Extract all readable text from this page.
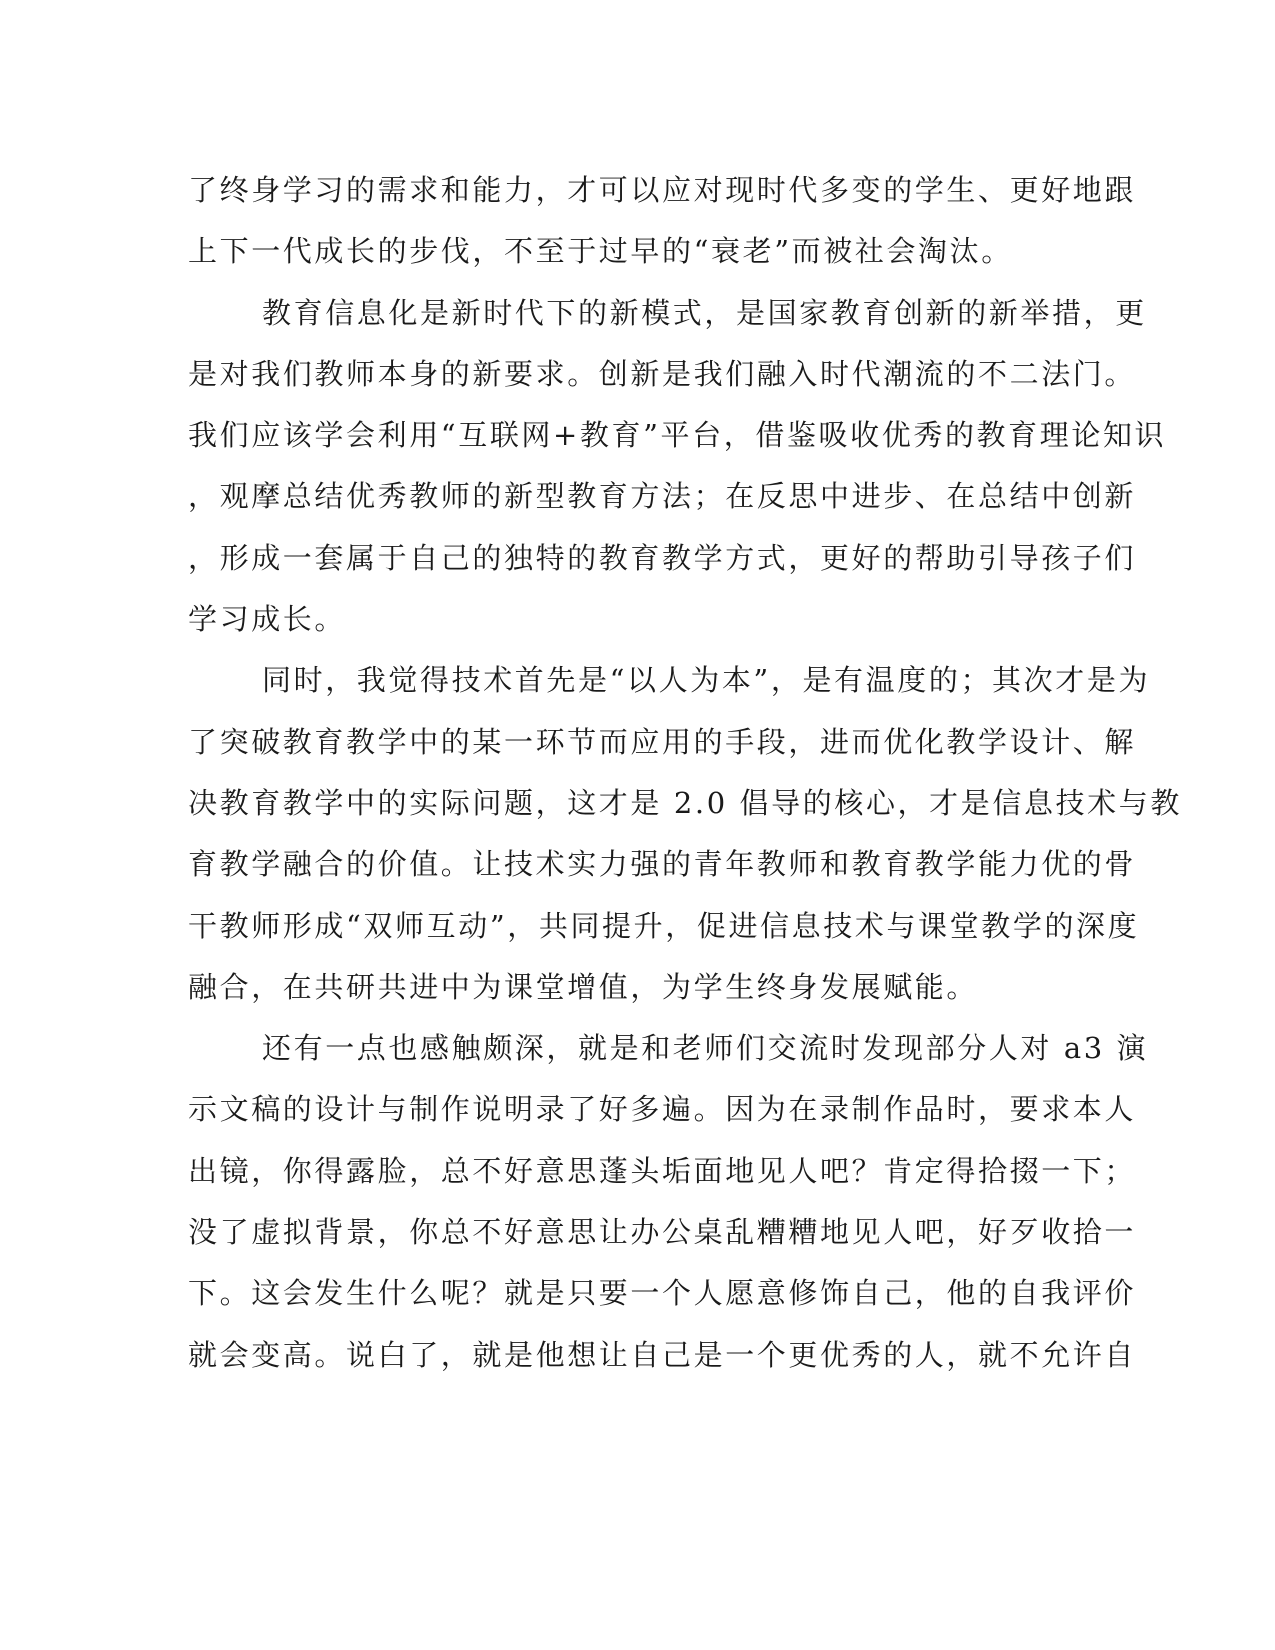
了终身学习的需求和能力，才可以应对现时代多变的学生、更好地跟
上下一代成长的步伐，不至于过早的“衰老”而被社会淘汰。
教育信息化是新时代下的新模式，是国家教育创新的新举措，更
是对我们教师本身的新要求。创新是我们融入时代潮流的不二法门。
我们应该学会利用“互联网+教育”平台，借鉴吸收优秀的教育理论知识
，观摩总结优秀教师的新型教育方法；在反思中进步、在总结中创新
，形成一套属于自己的独特的教育教学方式，更好的帮助引导孩子们
学习成长。
同时，我觉得技术首先是“以人为本”，是有温度的；其次才是为
了突破教育教学中的某一环节而应用的手段，进而优化教学设计、解
决教育教学中的实际问题，这才是 2.0 倡导的核心，才是信息技术与教
育教学融合的价值。让技术实力强的青年教师和教育教学能力优的骨
干教师形成“双师互动”，共同提升，促进信息技术与课堂教学的深度
融合，在共研共进中为课堂增值，为学生终身发展赋能。
还有一点也感触颇深，就是和老师们交流时发现部分人对 a3 演
示文稿的设计与制作说明录了好多遍。因为在录制作品时，要求本人
出镜，你得露脸，总不好意思蓬头垢面地见人吧？肯定得拾掇一下；
没了虚拟背景，你总不好意思让办公桌乱糟糟地见人吧，好歹收拾一
下。这会发生什么呢？就是只要一个人愿意修饰自己，他的自我评价
就会变高。说白了，就是他想让自己是一个更优秀的人，就不允许自
